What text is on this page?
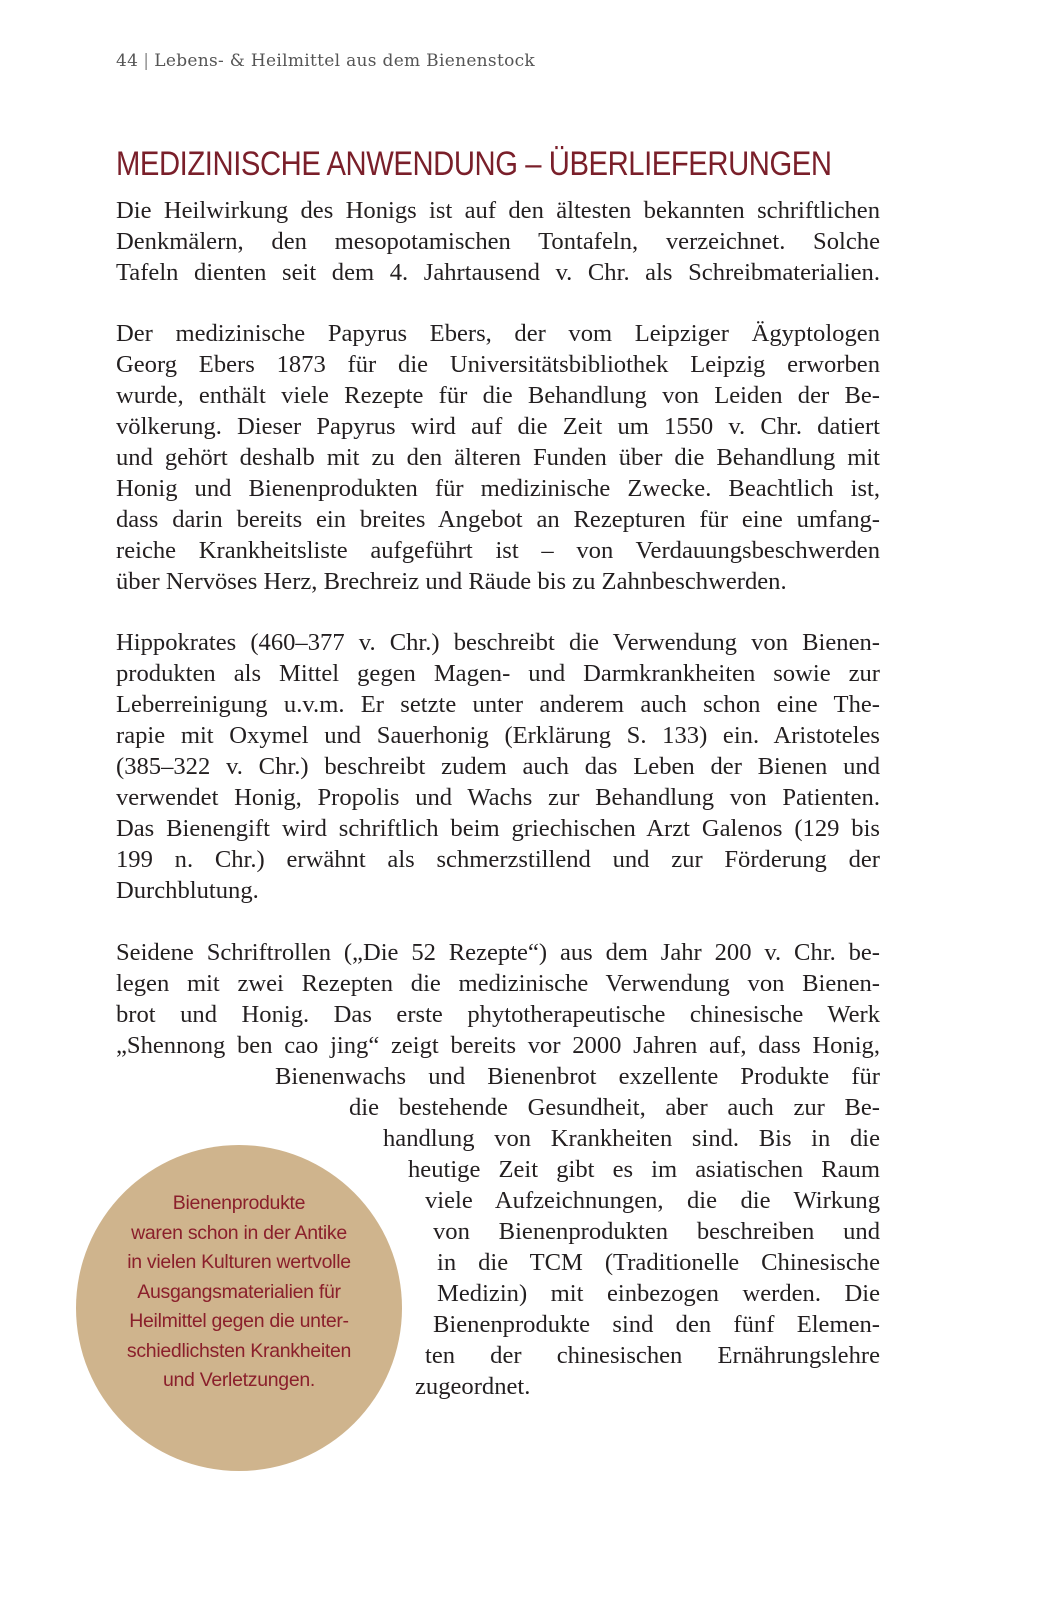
44 | Lebens- & Heilmittel aus dem Bienenstock
MEDIZINISCHE ANWENDUNG – ÜBERLIEFERUNGEN
Die Heilwirkung des Honigs ist auf den ältesten bekannten schriftlichen
Denkmälern, den mesopotamischen Tontafeln, verzeichnet. Solche
Tafeln dienten seit dem 4. Jahrtausend v. Chr. als Schreibmaterialien.
Der medizinische Papyrus Ebers, der vom Leipziger Ägyptologen
Georg Ebers 1873 für die Universitätsbibliothek Leipzig erworben
wurde, enthält viele Rezepte für die Behandlung von Leiden der Be-
völkerung. Dieser Papyrus wird auf die Zeit um 1550 v. Chr. datiert
und gehört deshalb mit zu den älteren Funden über die Behandlung mit
Honig und Bienenprodukten für medizinische Zwecke. Beachtlich ist,
dass darin bereits ein breites Angebot an Rezepturen für eine umfang-
reiche Krankheitsliste aufgeführt ist – von Verdauungsbeschwerden
über Nervöses Herz, Brechreiz und Räude bis zu Zahnbeschwerden.
Hippokrates (460–377 v. Chr.) beschreibt die Verwendung von Bienen-
produkten als Mittel gegen Magen- und Darmkrankheiten sowie zur
Leberreinigung u.v.m. Er setzte unter anderem auch schon eine The-
rapie mit Oxymel und Sauerhonig (Erklärung S. 133) ein. Aristoteles
(385–322 v. Chr.) beschreibt zudem auch das Leben der Bienen und
verwendet Honig, Propolis und Wachs zur Behandlung von Patienten.
Das Bienengift wird schriftlich beim griechischen Arzt Galenos (129 bis
199 n. Chr.) erwähnt als schmerzstillend und zur Förderung der
Durchblutung.
Seidene Schriftrollen („Die 52 Rezepte“) aus dem Jahr 200 v. Chr. be-
legen mit zwei Rezepten die medizinische Verwendung von Bienen-
brot und Honig. Das erste phytotherapeutische chinesische Werk
„Shennong ben cao jing“ zeigt bereits vor 2000 Jahren auf, dass Honig,
Bienenwachs und Bienenbrot exzellente Produkte für
die bestehende Gesundheit, aber auch zur Be-
handlung von Krankheiten sind. Bis in die
heutige Zeit gibt es im asiatischen Raum
viele Aufzeichnungen, die die Wirkung
von Bienenprodukten beschreiben und
in die TCM (Traditionelle Chinesische
Medizin) mit einbezogen werden. Die
Bienenprodukte sind den fünf Elemen-
ten der chinesischen Ernährungslehre
zugeordnet.
Bienenprodukte
waren schon in der Antike
in vielen Kulturen wertvolle
Ausgangsmaterialien für
Heilmittel gegen die unter-
schiedlichsten Krankheiten
und Verletzungen.
